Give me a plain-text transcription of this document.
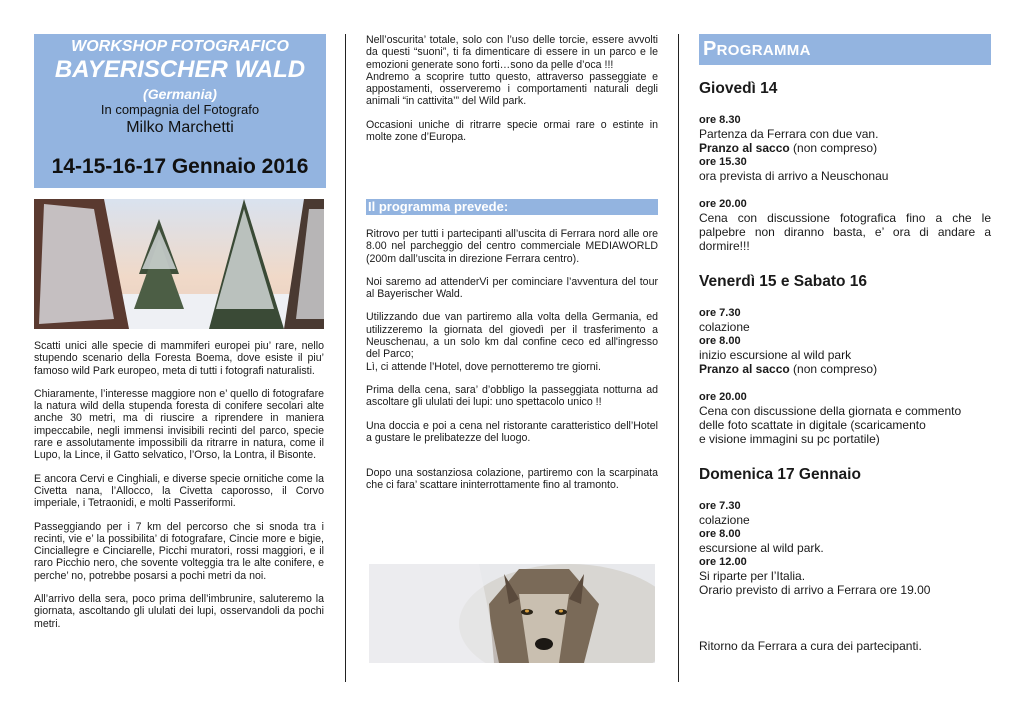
WORKSHOP FOTOGRAFICO
BAYERISCHER WALD
(Germania)
In compagnia del Fotografo
Milko Marchetti
14-15-16-17 Gennaio 2016

Scatti unici alle specie di mammiferi europei piu’ rare, nello stupendo scenario della Foresta Boema, dove esiste il piu’ famoso wild Park europeo, meta di tutti i fotografi naturalisti.

Chiaramente, l’interesse maggiore non e’ quello di fotografare la natura wild della stupenda foresta di conifere secolari alte anche 30 metri, ma di riuscire a riprendere in maniera impeccabile, negli immensi invisibili recinti del parco, specie rare e assolutamente impossibili da ritrarre in natura, come il Lupo, la Lince, il Gatto selvatico, l’Orso, la Lontra, il Bisonte.

E ancora Cervi e Cinghiali, e diverse specie ornitiche come la Civetta nana, l’Allocco, la Civetta caporosso, il Corvo imperiale, i Tetraonidi, e molti Passeriformi.

Passeggiando per i 7 km del percorso che si snoda tra i recinti, vie e’ la possibilita’ di fotografare, Cincie more e bigie, Cinciallegre e Cinciarelle, Picchi muratori, rossi maggiori, e il raro Picchio nero, che sovente volteggia tra le alte conifere, e perche’ no, potrebbe posarsi a pochi metri da noi.

All’arrivo della sera, poco prima dell’imbrunire, saluteremo la giornata, ascoltando gli ululati dei lupi, osservandoli da pochi metri.

Nell’oscurita’ totale, solo con l’uso delle torcie, essere avvolti da questi “suoni”, ti fa dimenticare di essere in un parco e le emozioni generate sono forti…sono da pelle d’oca !!!

Andremo a scoprire tutto questo, attraverso passeggiate e appostamenti, osserveremo i comportamenti naturali degli animali “in cattivita’” del Wild park.

Occasioni uniche di ritrarre specie ormai rare o estinte in molte zone d’Europa.

Il programma prevede:

Ritrovo per tutti i partecipanti all’uscita di Ferrara nord alle ore 8.00 nel parcheggio del centro commerciale MEDIAWORLD (200m dall’uscita in direzione Ferrara centro).

Noi saremo ad attenderVi per cominciare l’avventura del tour al Bayerischer Wald.

Utilizzando due van partiremo alla volta della Germania, ed utilizzeremo la giornata del giovedì per il trasferimento a Neuschenau, a un solo km dal confine ceco ed all'ingresso del Parco;

Lì, ci attende l’Hotel, dove pernotteremo tre giorni.

Prima della cena, sara’ d’obbligo la passeggiata notturna ad ascoltare gli ululati dei lupi: uno spettacolo unico !!

Una doccia e poi a cena nel ristorante caratteristico dell’Hotel a gustare le prelibatezze del luogo.

Dopo una sostanziosa colazione, partiremo con la scarpinata che ci fara’ scattare ininterrottamente fino al tramonto.

PROGRAMMA
Giovedì 14
ore 8.30
Partenza da Ferrara con due van.
Pranzo al sacco (non compreso)
ore 15.30
ora prevista di arrivo a Neuschonau
ore 20.00
Cena con discussione fotografica fino a che le palpebre non diranno basta, e’ ora di andare a dormire!!!
Venerdì 15 e Sabato 16
ore 7.30
colazione
ore 8.00
inizio escursione al wild park
Pranzo al sacco (non compreso)
ore 20.00
Cena con discussione della giornata e commento
delle foto scattate in digitale (scaricamento
e visione immagini su pc portatile)
Domenica 17 Gennaio
ore 7.30
colazione
ore 8.00
escursione al wild park.
ore 12.00
Si riparte per l’Italia.
Orario previsto di arrivo a Ferrara ore 19.00
Ritorno da Ferrara a cura dei partecipanti.
